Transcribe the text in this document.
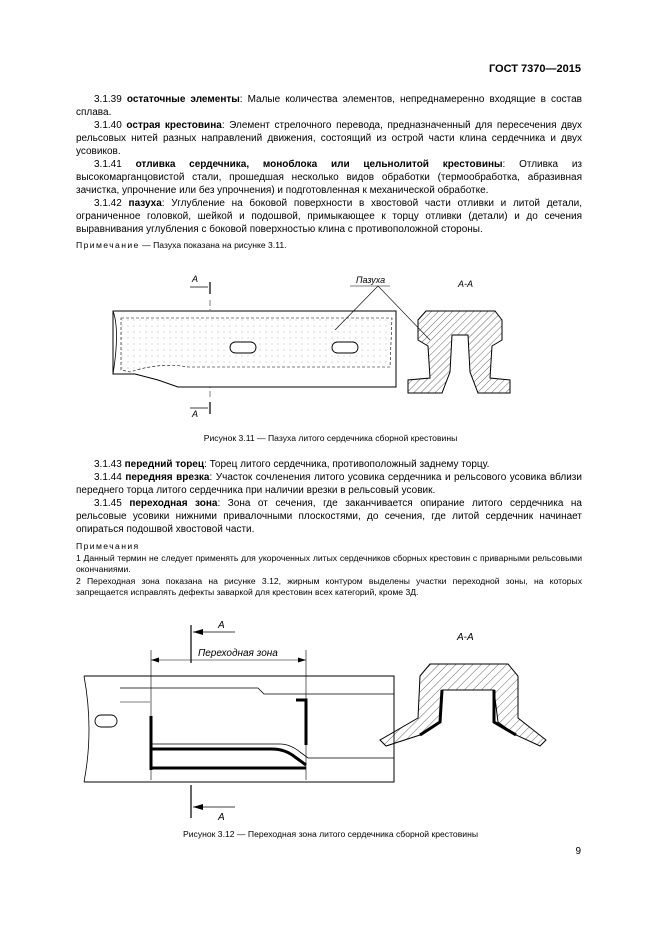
ГОСТ 7370—2015

3.1.39 остаточные элементы: Малые количества элементов, непреднамеренно входящие в состав сплава.

3.1.40 острая крестовина: Элемент стрелочного перевода, предназначенный для пересечения двух рельсовых нитей разных направлений движения, состоящий из острой части клина сердечника и двух усовиков.

3.1.41 отливка сердечника, моноблока или цельнолитой крестовины: Отливка из высокомарганцовистой стали, прошедшая несколько видов обработки (термообработка, абразивная зачистка, упрочнение или без упрочнения) и подготовленная к механической обработке.

3.1.42 пазуха: Углубление на боковой поверхности в хвостовой части отливки и литой детали, ограниченное головкой, шейкой и подошвой, примыкающее к торцу отливки (детали) и до сечения выравнивания углубления с боковой поверхностью клина с противоположной стороны.

Примечание — Пазуха показана на рисунке 3.11.

А
А
Пазуха	А-А
Рисунок 3.11 — Пазуха литого сердечника сборной крестовины

3.1.43 передний торец: Торец литого сердечника, противоположный заднему торцу.

3.1.44 передняя врезка: Участок сочленения литого усовика сердечника и рельсового усовика вблизи переднего торца литого сердечника при наличии врезки в рельсовый усовик.

3.1.45 переходная зона: Зона от сечения, где заканчивается опирание литого сердечника на рельсовые усовики нижними привалочными плоскостями, до сечения, где литой сердечник начинает опираться подошвой хвостовой части.

Примечания

1 Данный термин не следует применять для укороченных литых сердечников сборных крестовин с приварными рельсовыми окончаниями.

2 Переходная зона показана на рисунке 3.12, жирным контуром выделены участки переходной зоны, на которых запрещается исправлять дефекты заваркой для крестовин всех категорий, кроме 3Д.

А
А
Переходная зона
А-А
Рисунок 3.12 — Переходная зона литого сердечника сборной крестовины
9
